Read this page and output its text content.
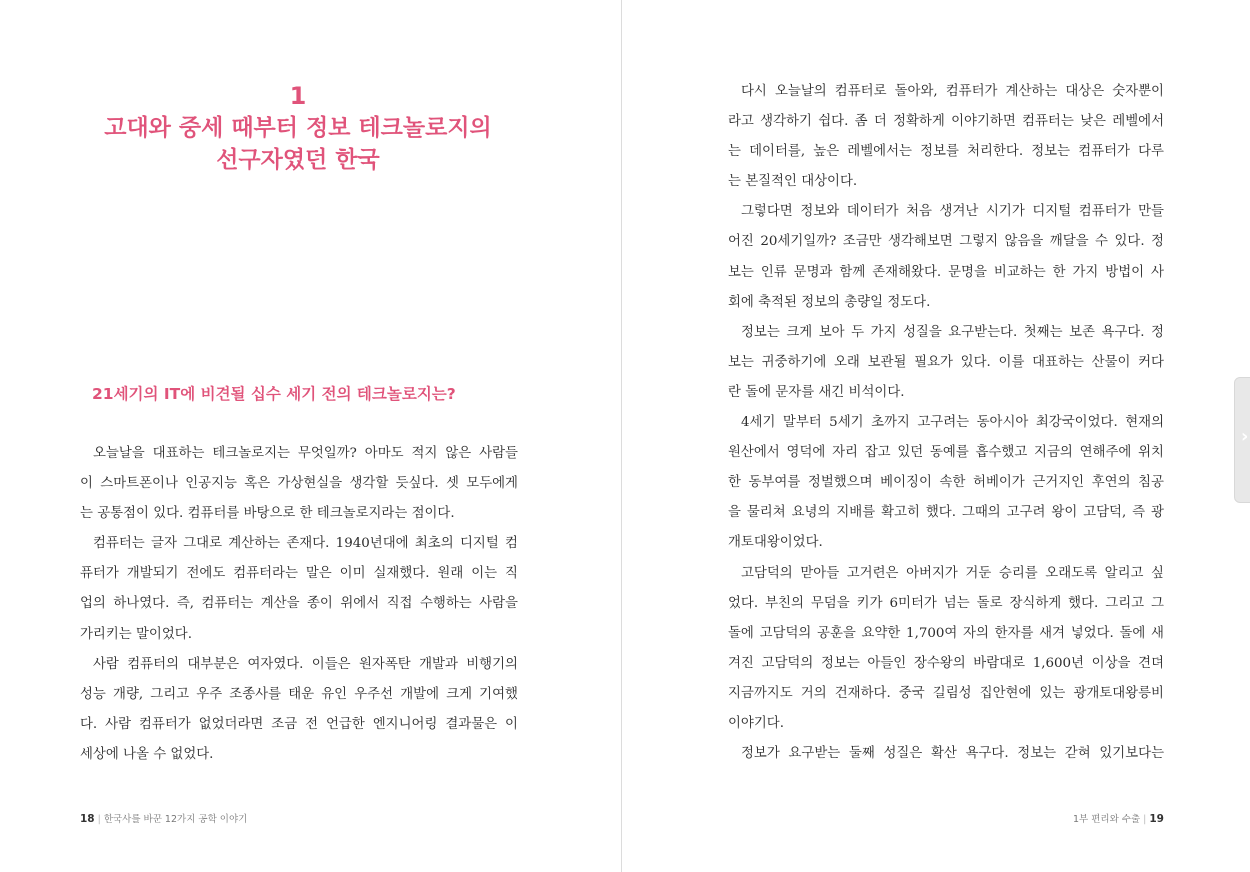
1
고대와 중세 때부터 정보 테크놀로지의
선구자였던 한국
21세기의 IT에 비견될 십수 세기 전의 테크놀로지는?
오늘날을 대표하는 테크놀로지는 무엇일까? 아마도 적지 않은 사람들
이 스마트폰이나 인공지능 혹은 가상현실을 생각할 듯싶다. 셋 모두에게
는 공통점이 있다. 컴퓨터를 바탕으로 한 테크놀로지라는 점이다.
컴퓨터는 글자 그대로 계산하는 존재다. 1940년대에 최초의 디지털 컴
퓨터가 개발되기 전에도 컴퓨터라는 말은 이미 실재했다. 원래 이는 직
업의 하나였다. 즉, 컴퓨터는 계산을 종이 위에서 직접 수행하는 사람을
가리키는 말이었다.
사람 컴퓨터의 대부분은 여자였다. 이들은 원자폭탄 개발과 비행기의
성능 개량, 그리고 우주 조종사를 태운 유인 우주선 개발에 크게 기여했
다. 사람 컴퓨터가 없었더라면 조금 전 언급한 엔지니어링 결과물은 이
세상에 나올 수 없었다.
18 | 한국사를 바꾼 12가지 공학 이야기
다시 오늘날의 컴퓨터로 돌아와, 컴퓨터가 계산하는 대상은 숫자뿐이
라고 생각하기 쉽다. 좀 더 정확하게 이야기하면 컴퓨터는 낮은 레벨에서
는 데이터를, 높은 레벨에서는 정보를 처리한다. 정보는 컴퓨터가 다루
는 본질적인 대상이다.
그렇다면 정보와 데이터가 처음 생겨난 시기가 디지털 컴퓨터가 만들
어진 20세기일까? 조금만 생각해보면 그렇지 않음을 깨달을 수 있다. 정
보는 인류 문명과 함께 존재해왔다. 문명을 비교하는 한 가지 방법이 사
회에 축적된 정보의 총량일 정도다.
정보는 크게 보아 두 가지 성질을 요구받는다. 첫째는 보존 욕구다. 정
보는 귀중하기에 오래 보관될 필요가 있다. 이를 대표하는 산물이 커다
란 돌에 문자를 새긴 비석이다.
4세기 말부터 5세기 초까지 고구려는 동아시아 최강국이었다. 현재의
원산에서 영덕에 자리 잡고 있던 동예를 흡수했고 지금의 연해주에 위치
한 동부여를 정벌했으며 베이징이 속한 허베이가 근거지인 후연의 침공
을 물리쳐 요녕의 지배를 확고히 했다. 그때의 고구려 왕이 고담덕, 즉 광
개토대왕이었다.
고담덕의 맏아들 고거련은 아버지가 거둔 승리를 오래도록 알리고 싶
었다. 부친의 무덤을 키가 6미터가 넘는 돌로 장식하게 했다. 그리고 그
돌에 고담덕의 공훈을 요약한 1,700여 자의 한자를 새겨 넣었다. 돌에 새
겨진 고담덕의 정보는 아들인 장수왕의 바람대로 1,600년 이상을 견뎌
지금까지도 거의 건재하다. 중국 길림성 집안현에 있는 광개토대왕릉비
이야기다.
정보가 요구받는 둘째 성질은 확산 욕구다. 정보는 갇혀 있기보다는
1부 편리와 수출 | 19
›
